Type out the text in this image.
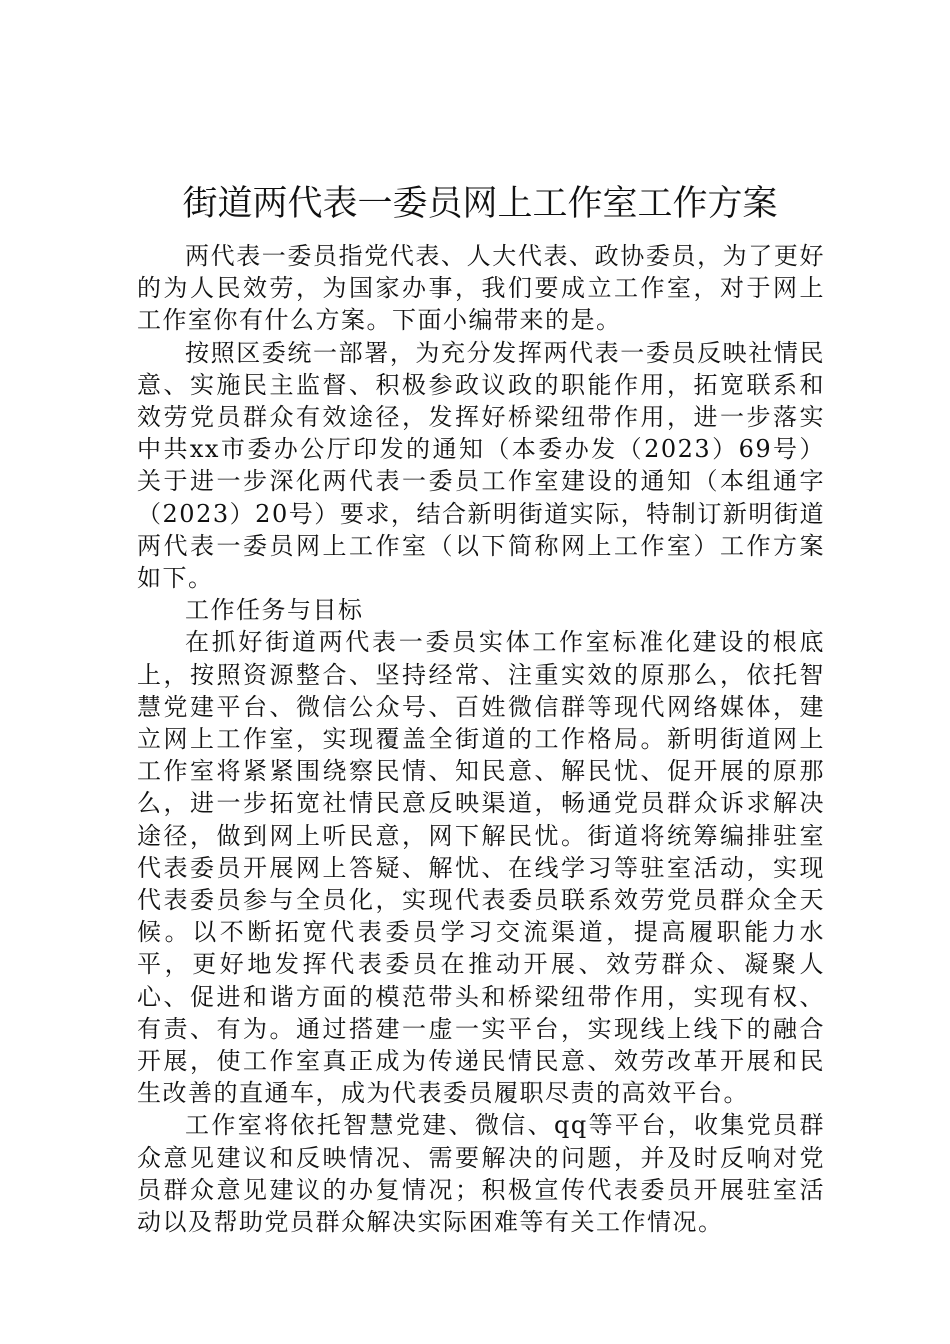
街道两代表一委员网上工作室工作方案

两代表一委员指党代表、人大代表、政协委员，为了更好的为人民效劳，为国家办事，我们要成立工作室，对于网上工作室你有什么方案。下面小编带来的是。

按照区委统一部署，为充分发挥两代表一委员反映社情民意、实施民主监督、积极参政议政的职能作用，拓宽联系和效劳党员群众有效途径，发挥好桥梁纽带作用，进一步落实中共xx市委办公厅印发的通知（本委办发（2023）69号）关于进一步深化两代表一委员工作室建设的通知（本组通字（2023）20号）要求，结合新明街道实际，特制订新明街道两代表一委员网上工作室（以下简称网上工作室）工作方案如下。

工作任务与目标

在抓好街道两代表一委员实体工作室标准化建设的根底上，按照资源整合、坚持经常、注重实效的原那么，依托智慧党建平台、微信公众号、百姓微信群等现代网络媒体，建立网上工作室，实现覆盖全街道的工作格局。新明街道网上工作室将紧紧围绕察民情、知民意、解民忧、促开展的原那么，进一步拓宽社情民意反映渠道，畅通党员群众诉求解决途径，做到网上听民意，网下解民忧。街道将统筹编排驻室代表委员开展网上答疑、解忧、在线学习等驻室活动，实现代表委员参与全员化，实现代表委员联系效劳党员群众全天候。以不断拓宽代表委员学习交流渠道，提高履职能力水平，更好地发挥代表委员在推动开展、效劳群众、凝聚人心、促进和谐方面的模范带头和桥梁纽带作用，实现有权、有责、有为。通过搭建一虚一实平台，实现线上线下的融合开展，使工作室真正成为传递民情民意、效劳改革开展和民生改善的直通车，成为代表委员履职尽责的高效平台。

工作室将依托智慧党建、微信、qq等平台，收集党员群众意见建议和反映情况、需要解决的问题，并及时反响对党员群众意见建议的办复情况；积极宣传代表委员开展驻室活动以及帮助党员群众解决实际困难等有关工作情况。
